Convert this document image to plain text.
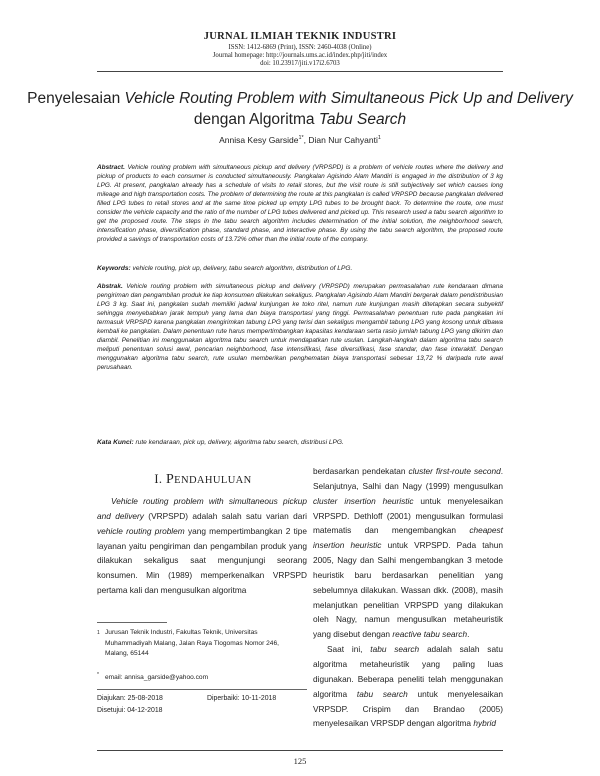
JURNAL ILMIAH TEKNIK INDUSTRI
ISSN: 1412-6869 (Print), ISSN: 2460-4038 (Online)
Journal homepage: http://journals.ums.ac.id/index.php/jiti/index
doi: 10.23917/jiti.v17i2.6703
Penyelesaian Vehicle Routing Problem with Simultaneous Pick Up and Delivery dengan Algoritma Tabu Search
Annisa Kesy Garside$^{1*}$, Dian Nur Cahyanti$^1$
Abstract. Vehicle routing problem with simultaneous pickup and delivery (VRPSPD) is a problem of vehicle routes where the delivery and pickup of products to each consumer is conducted simultaneously. Pangkalan Agisindo Alam Mandiri is engaged in the distribution of 3 kg LPG. At present, pangkalan already has a schedule of visits to retail stores, but the visit route is still subjectively set which causes long mileage and high transportation costs. The problem of determining the route at this pangkalan is called VRPSPD because pangkalan delivered filled LPG tubes to retail stores and at the same time picked up empty LPG tubes to be brought back. To determine the route, one must consider the vehicle capacity and the ratio of the number of LPG tubes delivered and picked up. This research used a tabu search algorithm to get the proposed route. The steps in the tabu search algorithm includes determination of the initial solution, the neighborhood search, intensification phase, diversification phase, standard phase, and interactive phase. By using the tabu search algorithm, the proposed route provided a savings of transportation costs of 13.72% other than the initial route of the company.
Keywords: vehicle routing, pick up, delivery, tabu search algorithm, distribution of LPG.
Abstrak. Vehicle routing problem with simultaneous pickup and delivery (VRPSPD) merupakan permasalahan rute kendaraan dimana pengiriman dan pengambilan produk ke tiap konsumen dilakukan sekaligus. Pangkalan Agisindo Alam Mandiri bergerak dalam pendistribusian LPG 3 kg. Saat ini, pangkalan sudah memiliki jadwal kunjungan ke toko ritel, namun rute kunjungan masih ditetapkan secara subyektif sehingga menyebabkan jarak tempuh yang lama dan biaya transportasi yang tinggi. Permasalahan penentuan rute pada pangkalan ini termasuk VRPSPD karena pangkalan mengirimkan tabung LPG yang terisi dan sekaligus mengambil tabung LPG yang kosong untuk dibawa kembali ke pangkalan. Dalam penentuan rute harus mempertimbangkan kapasitas kendaraan serta rasio jumlah tabung LPG yang dikirim dan diambil. Penelitian ini menggunakan algoritma tabu search untuk mendapatkan rute usulan. Langkah-langkah dalam algoritma tabu search meliputi penentuan solusi awal, pencarian neighborhood, fase intensifikasi, fase diversifikasi, fase standar, dan fase interaktif. Dengan menggunakan algoritma tabu search, rute usulan memberikan penghematan biaya transportasi sebesar 13,72 % daripada rute awal perusahaan.
Kata Kunci: rute kendaraan, pick up, delivery, algoritma tabu search, distribusi LPG.
I. PENDAHULUAN

Vehicle routing problem with simultaneous pickup and delivery (VRPSPD) adalah salah satu varian dari vehicle routing problem yang mempertimbangkan 2 tipe layanan yaitu pengiriman dan pengambilan produk yang dilakukan sekaligus saat mengunjungi seorang konsumen. Min (1989) memperkenalkan VRPSPD pertama kali dan mengusulkan algoritma

1 Jurusan Teknik Industri, Fakultas Teknik, Universitas Muhammadiyah Malang, Jalan Raya Tlogomas Nomor 246, Malang, 65144
* email: annisa_garside@yahoo.com
Diajukan: 25-08-2018	Diperbaiki: 10-11-2018
Disetujui: 04-12-2018

berdasarkan pendekatan cluster first-route second. Selanjutnya, Salhi dan Nagy (1999) mengusulkan cluster insertion heuristic untuk menyelesaikan VRPSPD. Dethloff (2001) mengusulkan formulasi matematis dan mengembangkan cheapest insertion heuristic untuk VRPSPD. Pada tahun 2005, Nagy dan Salhi mengembangkan 3 metode heuristik baru berdasarkan penelitian yang sebelumnya dilakukan. Wassan dkk. (2008), masih melanjutkan penelitian VRPSPD yang dilakukan oleh Nagy, namun mengusulkan metaheuristik yang disebut dengan reactive tabu search.

Saat ini, tabu search adalah salah satu algoritma metaheuristik yang paling luas digunakan. Beberapa peneliti telah menggunakan algoritma tabu search untuk menyelesaikan VRPSDP. Crispim dan Brandao (2005) menyelesaikan VRPSDP dengan algoritma hybrid

125
